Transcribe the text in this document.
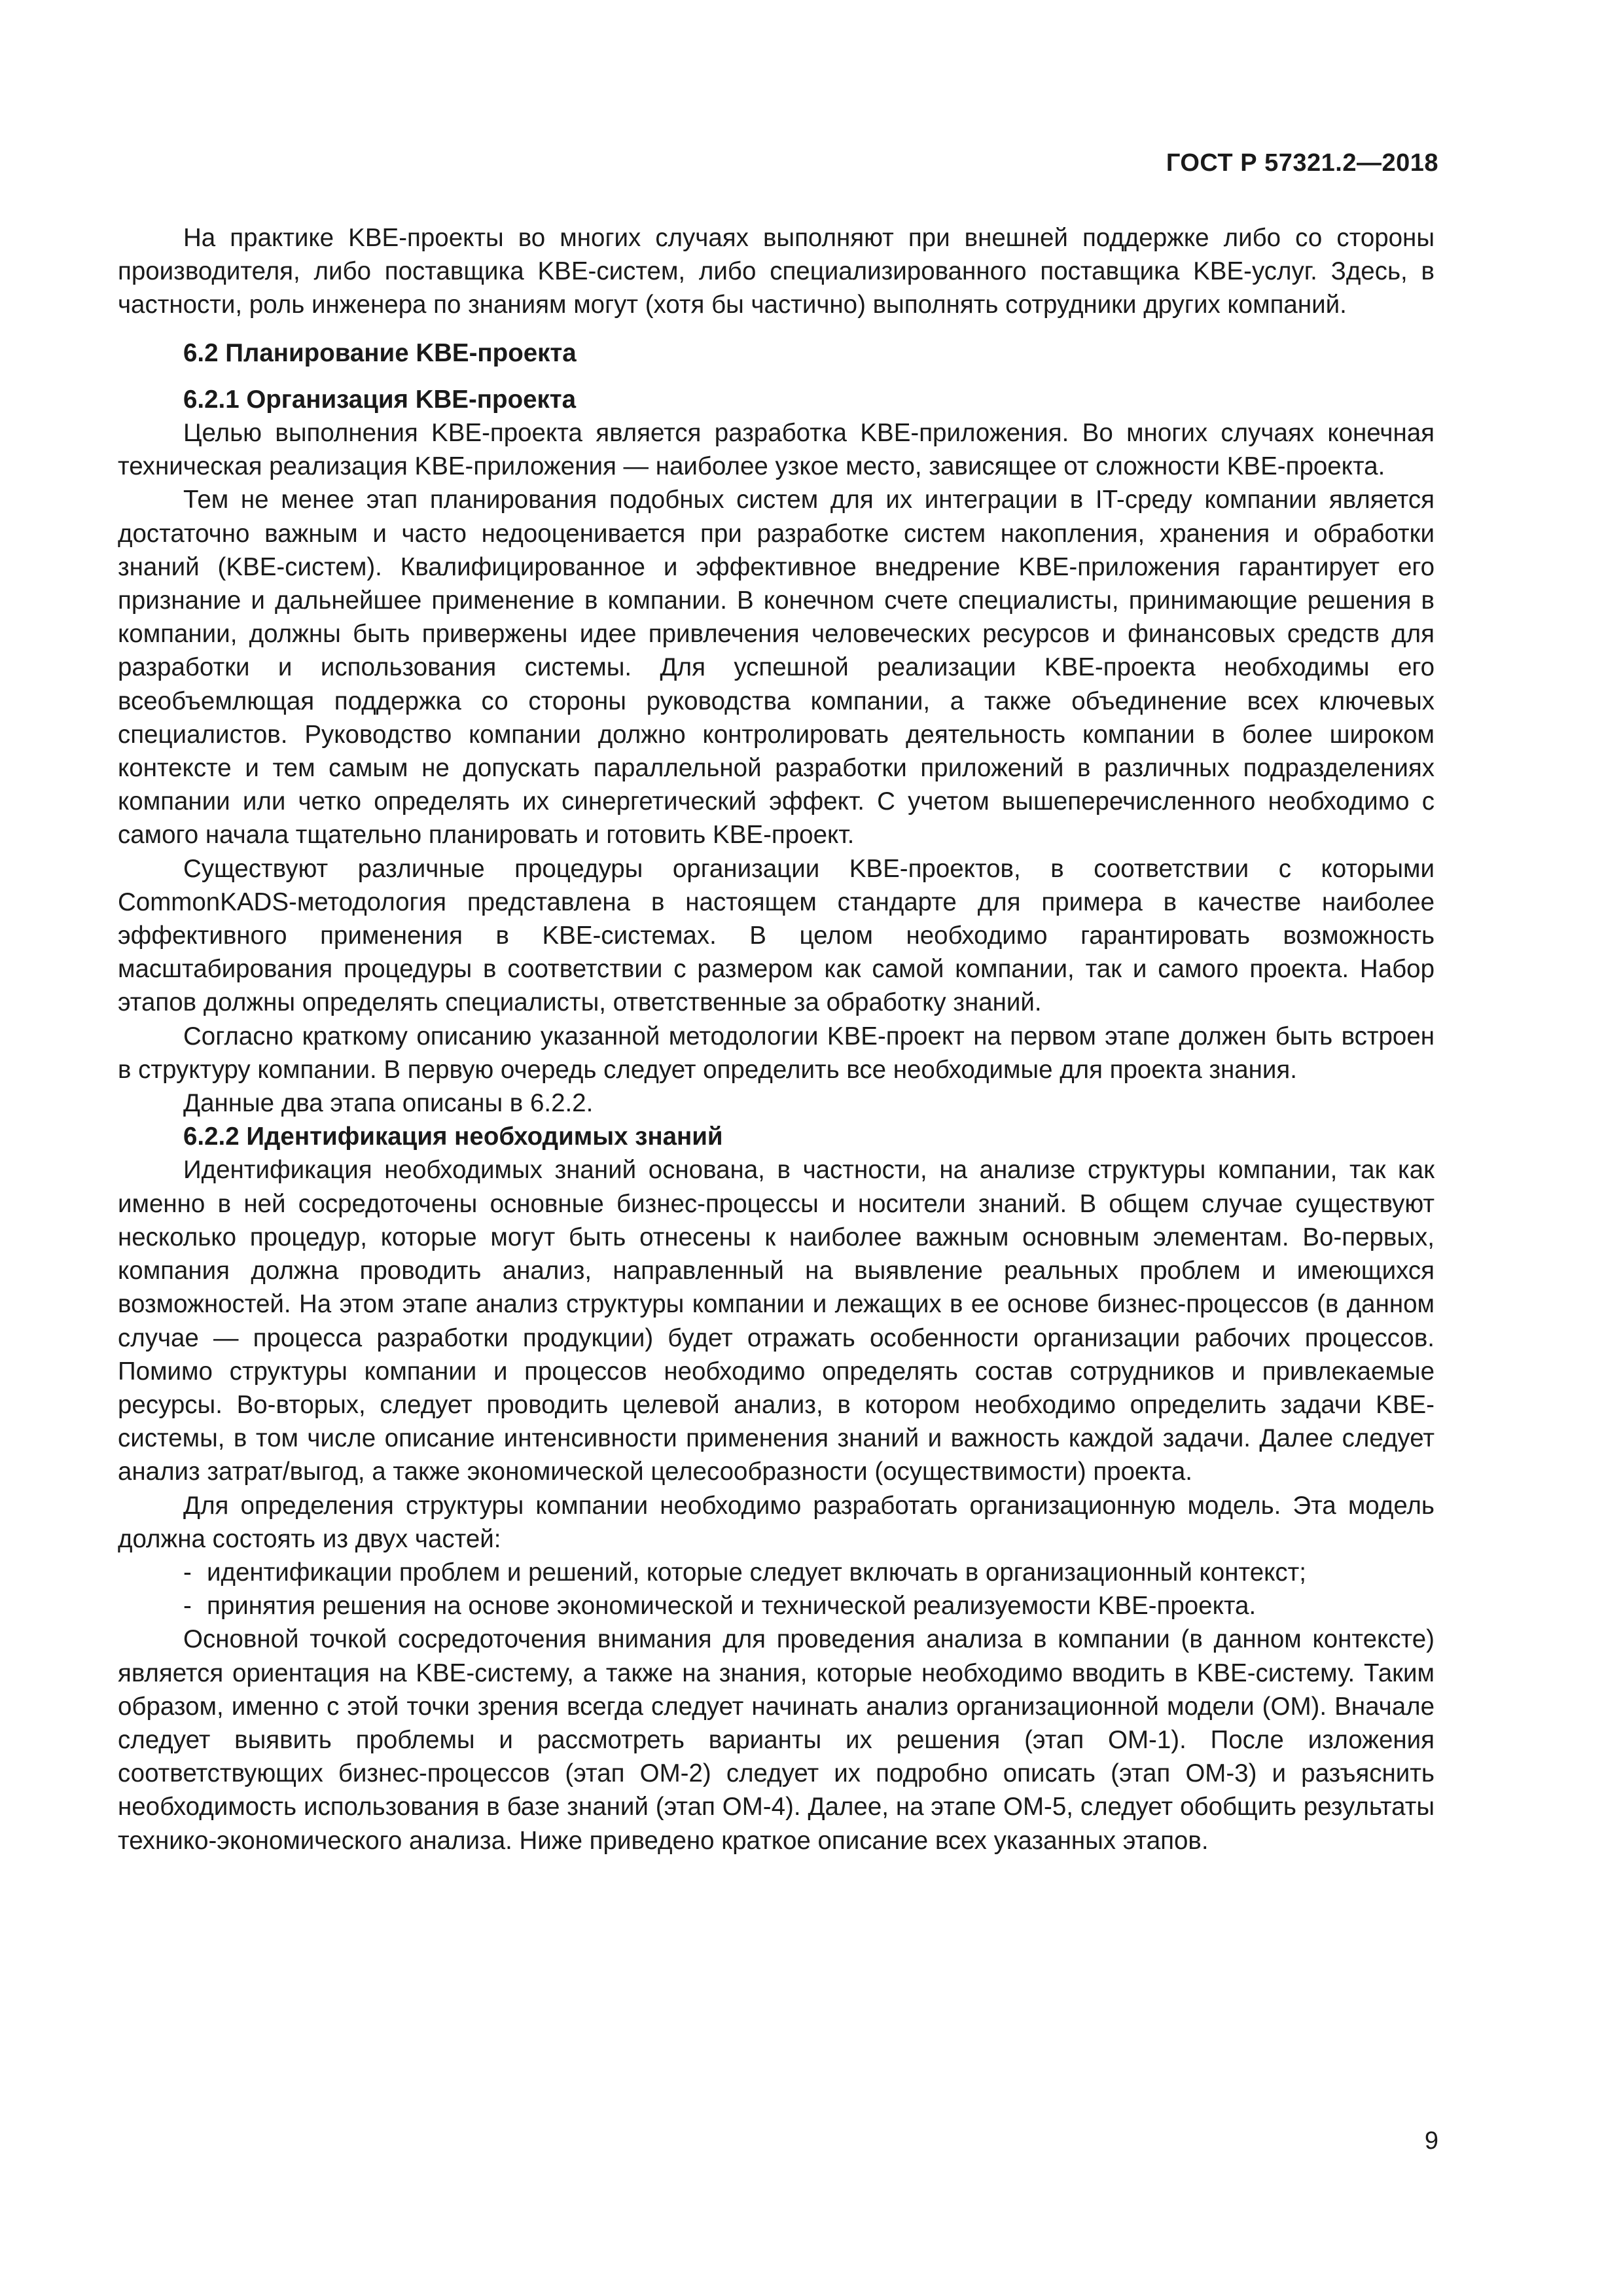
ГОСТ Р 57321.2—2018

На практике KBE-проекты во многих случаях выполняют при внешней поддержке либо со стороны производителя, либо поставщика KBE-систем, либо специализированного поставщика KBE-услуг. Здесь, в частности, роль инженера по знаниям могут (хотя бы частично) выполнять сотрудники других компаний.

6.2 Планирование KBE-проекта
6.2.1 Организация KBE-проекта

Целью выполнения KBE-проекта является разработка KBE-приложения. Во многих случаях конечная техническая реализация KBE-приложения — наиболее узкое место, зависящее от сложности KBE-проекта.

Тем не менее этап планирования подобных систем для их интеграции в IT-среду компании является достаточно важным и часто недооценивается при разработке систем накопления, хранения и обработки знаний (KBE-систем). Квалифицированное и эффективное внедрение KBE-приложения гарантирует его признание и дальнейшее применение в компании. В конечном счете специалисты, принимающие решения в компании, должны быть привержены идее привлечения человеческих ресурсов и финансовых средств для разработки и использования системы. Для успешной реализации KBE-проекта необходимы его всеобъемлющая поддержка со стороны руководства компании, а также объединение всех ключевых специалистов. Руководство компании должно контролировать деятельность компании в более широком контексте и тем самым не допускать параллельной разработки приложений в различных подразделениях компании или четко определять их синергетический эффект. С учетом вышеперечисленного необходимо с самого начала тщательно планировать и готовить KBE-проект.

Существуют различные процедуры организации KBE-проектов, в соответствии с которыми CommonKADS-методология представлена в настоящем стандарте для примера в качестве наиболее эффективного применения в KBE-системах. В целом необходимо гарантировать возможность масштабирования процедуры в соответствии с размером как самой компании, так и самого проекта. Набор этапов должны определять специалисты, ответственные за обработку знаний.

Согласно краткому описанию указанной методологии KBE-проект на первом этапе должен быть встроен в структуру компании. В первую очередь следует определить все необходимые для проекта знания.

Данные два этапа описаны в 6.2.2.

6.2.2 Идентификация необходимых знаний

Идентификация необходимых знаний основана, в частности, на анализе структуры компании, так как именно в ней сосредоточены основные бизнес-процессы и носители знаний. В общем случае существуют несколько процедур, которые могут быть отнесены к наиболее важным основным элементам. Во-первых, компания должна проводить анализ, направленный на выявление реальных проблем и имеющихся возможностей. На этом этапе анализ структуры компании и лежащих в ее основе бизнес-процессов (в данном случае — процесса разработки продукции) будет отражать особенности организации рабочих процессов. Помимо структуры компании и процессов необходимо определять состав сотрудников и привлекаемые ресурсы. Во-вторых, следует проводить целевой анализ, в котором необходимо определить задачи KBE-системы, в том числе описание интенсивности применения знаний и важность каждой задачи. Далее следует анализ затрат/выгод, а также экономической целесообразности (осуществимости) проекта.

Для определения структуры компании необходимо разработать организационную модель. Эта модель должна состоять из двух частей:

- идентификации проблем и решений, которые следует включать в организационный контекст;
- принятия решения на основе экономической и технической реализуемости KBE-проекта.

Основной точкой сосредоточения внимания для проведения анализа в компании (в данном контексте) является ориентация на KBE-систему, а также на знания, которые необходимо вводить в KBE-систему. Таким образом, именно с этой точки зрения всегда следует начинать анализ организационной модели (ОМ). Вначале следует выявить проблемы и рассмотреть варианты их решения (этап ОМ-1). После изложения соответствующих бизнес-процессов (этап ОМ-2) следует их подробно описать (этап ОМ-3) и разъяснить необходимость использования в базе знаний (этап ОМ-4). Далее, на этапе ОМ-5, следует обобщить результаты технико-экономического анализа. Ниже приведено краткое описание всех указанных этапов.

9
